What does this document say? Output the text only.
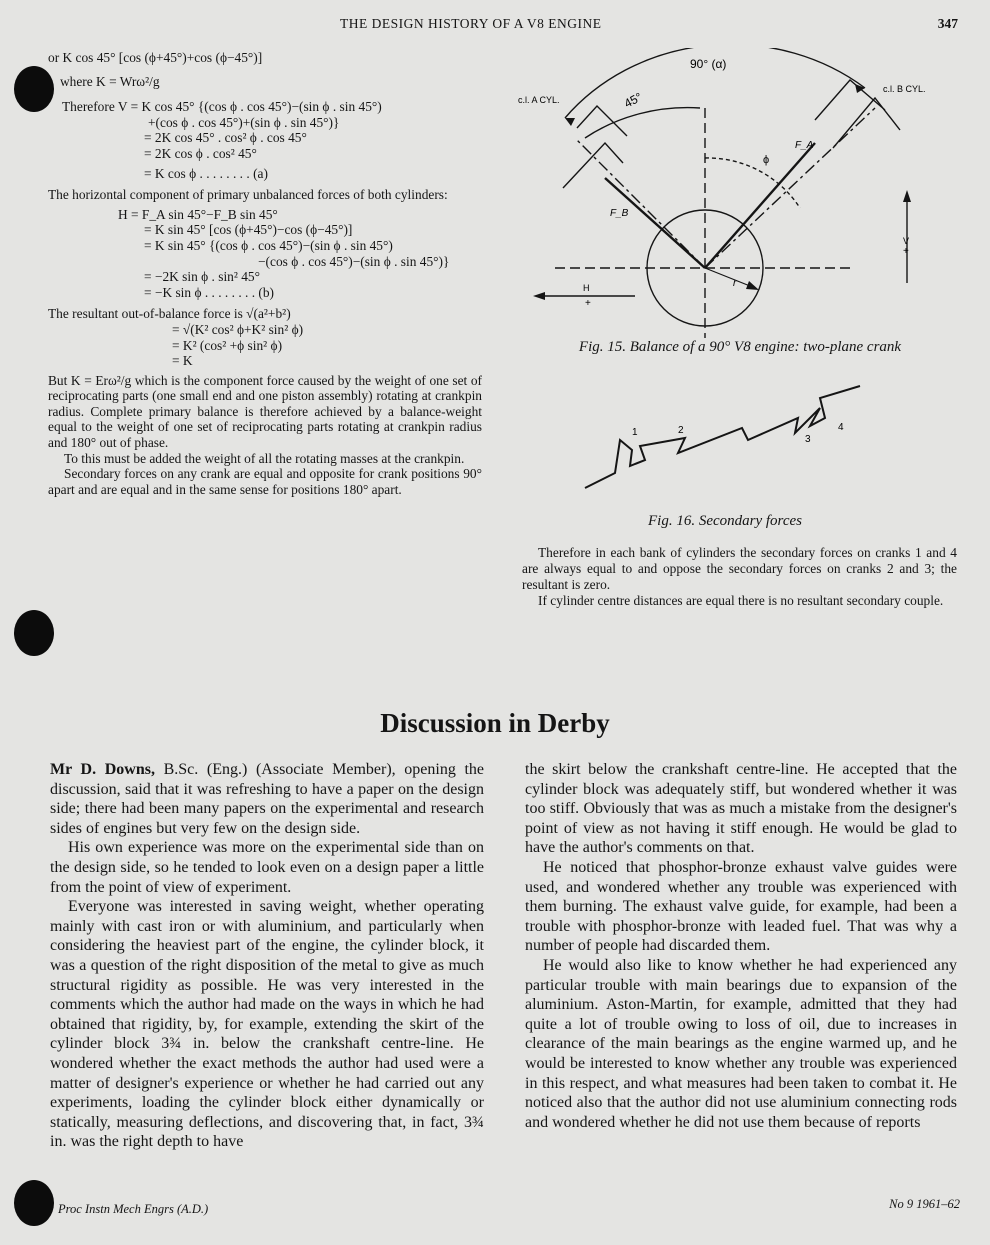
THE DESIGN HISTORY OF A V8 ENGINE	347
or K cos 45° [cos (ϕ+45°)+cos (ϕ−45°)]
where K = Wrω²/g
Therefore V = K cos 45° {(cos ϕ . cos 45°)−(sin ϕ . sin 45°)
+(cos ϕ . cos 45°)+(sin ϕ . sin 45°)}
= 2K cos 45° . cos² ϕ . cos 45°
= 2K cos ϕ . cos² 45°
= K cos ϕ . . . . . . . . (a)

The horizontal component of primary unbalanced forces of both cylinders:

H = F_A sin 45°−F_B sin 45°
= K sin 45° [cos (ϕ+45°)−cos (ϕ−45°)]
= K sin 45° {(cos ϕ . cos 45°)−(sin ϕ . sin 45°)
−(cos ϕ . cos 45°)−(sin ϕ . sin 45°)}
= −2K sin ϕ . sin² 45°
= −K sin ϕ . . . . . . . . (b)

The resultant out-of-balance force is √(a²+b²)

= √(K² cos² ϕ+K² sin² ϕ)
= K² (cos² +ϕ sin² ϕ)
= K

But K = Erω²/g which is the component force caused by the weight of one set of reciprocating parts (one small end and one piston assembly) rotating at crankpin radius. Complete primary balance is therefore achieved by a balance-weight equal to the weight of one set of reciprocating parts rotating at crankpin radius and 180° out of phase.

To this must be added the weight of all the rotating masses at the crankpin.

Secondary forces on any crank are equal and opposite for crank positions 90° apart and are equal and in the same sense for positions 180° apart.

90° (α)
45°
c.l. A CYL.
c.l. B CYL.
F_A
F_B
ϕ
r
V
+
H
+
Fig. 15. Balance of a 90° V8 engine: two-plane crank
1	2
3
4
Fig. 16. Secondary forces

Therefore in each bank of cylinders the secondary forces on cranks 1 and 4 are always equal to and oppose the secondary forces on cranks 2 and 3; the resultant is zero.

If cylinder centre distances are equal there is no resultant secondary couple.

Discussion in Derby

Mr D. Downs, B.Sc. (Eng.) (Associate Member), opening the discussion, said that it was refreshing to have a paper on the design side; there had been many papers on the experimental and research sides of engines but very few on the design side.

His own experience was more on the experimental side than on the design side, so he tended to look even on a design paper a little from the point of view of experiment.

Everyone was interested in saving weight, whether operating mainly with cast iron or with aluminium, and particularly when considering the heaviest part of the engine, the cylinder block, it was a question of the right disposition of the metal to give as much structural rigidity as possible. He was very interested in the comments which the author had made on the ways in which he had obtained that rigidity, by, for example, extending the skirt of the cylinder block 3¾ in. below the crankshaft centre-line. He wondered whether the exact methods the author had used were a matter of designer's experience or whether he had carried out any experiments, loading the cylinder block either dynamically or statically, measuring deflections, and discovering that, in fact, 3¾ in. was the right depth to have

the skirt below the crankshaft centre-line. He accepted that the cylinder block was adequately stiff, but wondered whether it was too stiff. Obviously that was as much a mistake from the designer's point of view as not having it stiff enough. He would be glad to have the author's comments on that.

He noticed that phosphor-bronze exhaust valve guides were used, and wondered whether any trouble was experienced with them burning. The exhaust valve guide, for example, had been a trouble with phosphor-bronze with leaded fuel. That was why a number of people had discarded them.

He would also like to know whether he had experienced any particular trouble with main bearings due to expansion of the aluminium. Aston-Martin, for example, admitted that they had quite a lot of trouble owing to loss of oil, due to increases in clearance of the main bearings as the engine warmed up, and he would be interested to know whether any trouble was experienced in this respect, and what measures had been taken to combat it. He noticed also that the author did not use aluminium connecting rods and wondered whether he did not use them because of reports

Proc Instn Mech Engrs (A.D.)	No 9 1961–62
